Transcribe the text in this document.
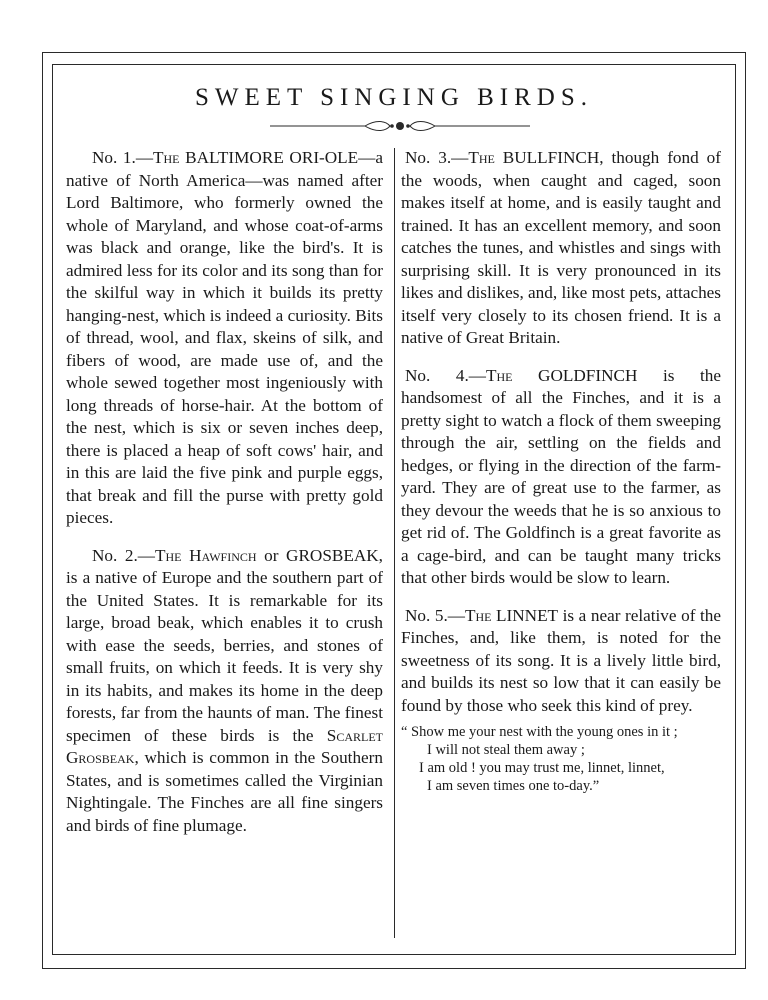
SWEET SINGING BIRDS.

No. 1.—The BALTIMORE ORI-OLE—a native of North America—was named after Lord Baltimore, who formerly owned the whole of Maryland, and whose coat-of-arms was black and orange, like the bird's. It is admired less for its color and its song than for the skilful way in which it builds its pretty hanging-nest, which is indeed a curiosity. Bits of thread, wool, and flax, skeins of silk, and fibers of wood, are made use of, and the whole sewed together most ingeniously with long threads of horse-hair. At the bottom of the nest, which is six or seven inches deep, there is placed a heap of soft cows' hair, and in this are laid the five pink and purple eggs, that break and fill the purse with pretty gold pieces.

No. 2.—The Hawfinch or GROSBEAK, is a native of Europe and the southern part of the United States. It is remarkable for its large, broad beak, which enables it to crush with ease the seeds, berries, and stones of small fruits, on which it feeds. It is very shy in its habits, and makes its home in the deep forests, far from the haunts of man. The finest specimen of these birds is the Scarlet Grosbeak, which is common in the Southern States, and is sometimes called the Virginian Nightingale. The Finches are all fine singers and birds of fine plumage.

No. 3.—The BULLFINCH, though fond of the woods, when caught and caged, soon makes itself at home, and is easily taught and trained. It has an excellent memory, and soon catches the tunes, and whistles and sings with surprising skill. It is very pronounced in its likes and dislikes, and, like most pets, attaches itself very closely to its chosen friend. It is a native of Great Britain.

No. 4.—The GOLDFINCH is the handsomest of all the Finches, and it is a pretty sight to watch a flock of them sweeping through the air, settling on the fields and hedges, or flying in the direction of the farm-yard. They are of great use to the farmer, as they devour the weeds that he is so anxious to get rid of. The Goldfinch is a great favorite as a cage-bird, and can be taught many tricks that other birds would be slow to learn.

No. 5.—The LINNET is a near relative of the Finches, and, like them, is noted for the sweetness of its song. It is a lively little bird, and builds its nest so low that it can easily be found by those who seek this kind of prey.

“ Show me your nest with the young ones in it ;
I will not steal them away ;
I am old ! you may trust me, linnet, linnet,
I am seven times one to-day.”
